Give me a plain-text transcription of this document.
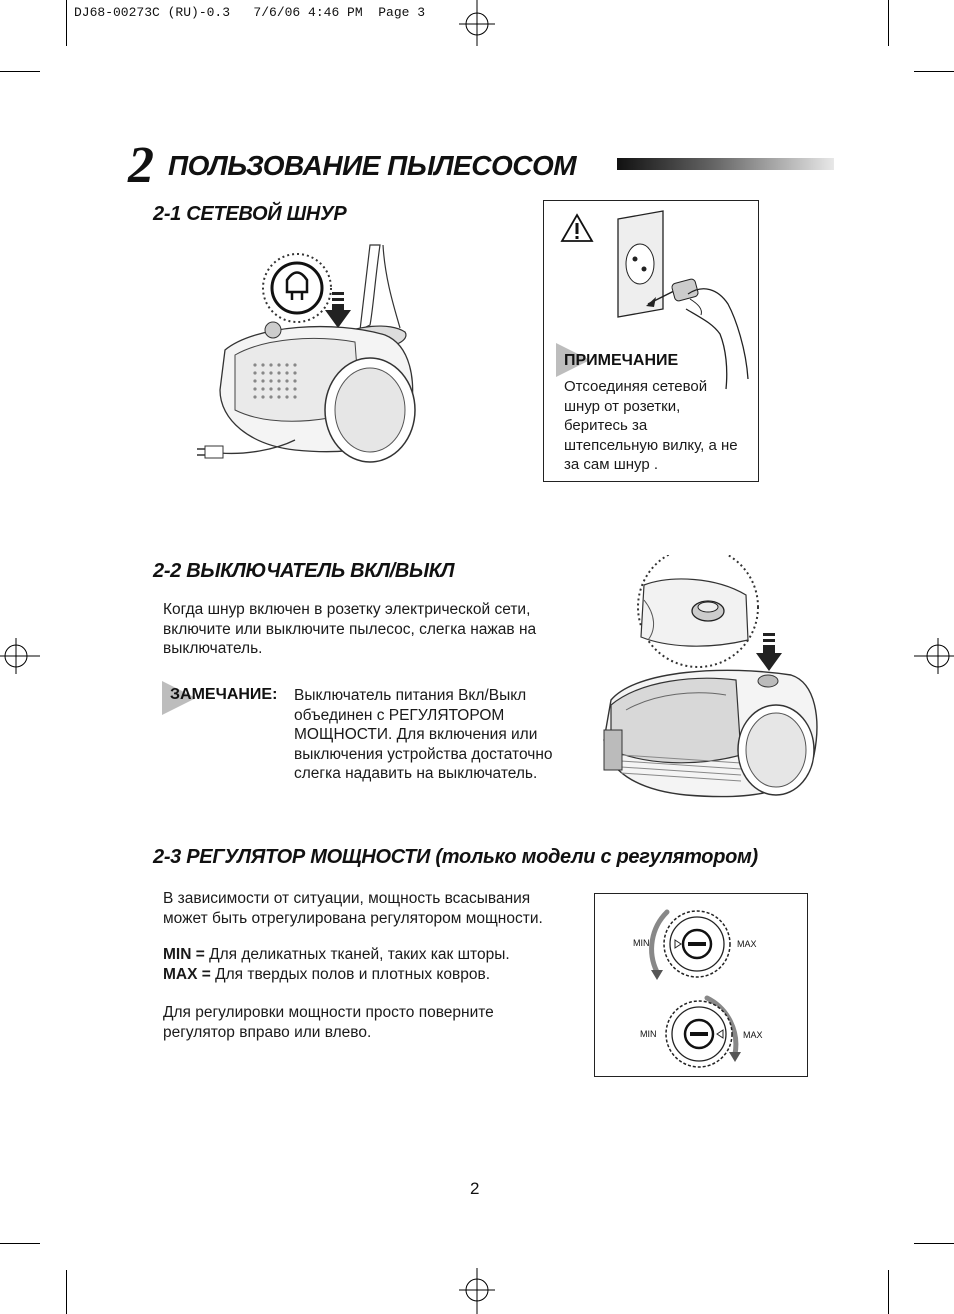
DJ68-00273C (RU)-0.3   7/6/06 4:46 PM  Page 3
2 ПОЛЬЗОВАНИЕ ПЫЛЕСОСОМ
2-1 СЕТЕВОЙ ШНУР
ПРИМЕЧАНИЕ
Отсоединяя сетевой
шнур от розетки,
беритесь за
штепсельную вилку, а не
за сам шнур .
2-2 ВЫКЛЮЧАТЕЛЬ ВКЛ/ВЫКЛ
Когда шнур включен в розетку электрической сети,
включите или выключите пылесос, слегка нажав на
выключатель.
ЗАМЕЧАНИЕ: Выключатель питания Вкл/Выкл
объединен с РЕГУЛЯТОРОМ
МОЩНОСТИ. Для включения или
выключения устройства достаточно
слегка надавить на выключатель.
2-3 РЕГУЛЯТОР МОЩНОСТИ (только модели с регулятором)
В зависимости от ситуации, мощность всасывания
может быть отрегулирована регулятором мощности.
MIN = Для деликатных тканей, таких как шторы.
MAX = Для твердых полов и плотных ковров.
Для регулировки мощности просто поверните
регулятор вправо или влево.
MIN	MAX
MIN	MAX
2
